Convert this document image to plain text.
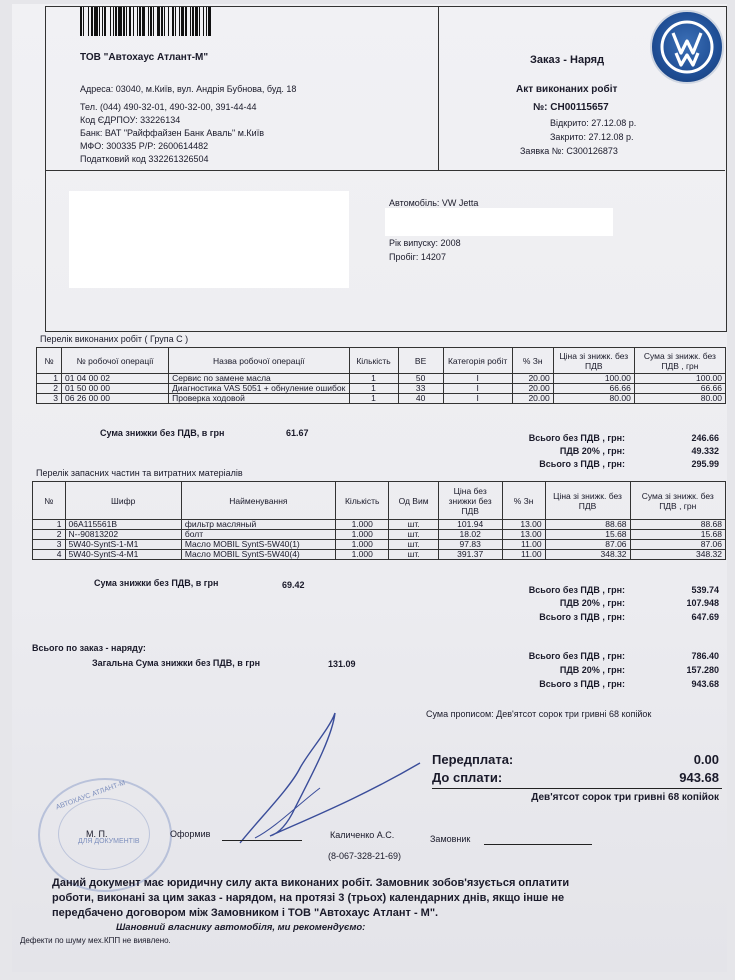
ТОВ "Автохаус Атлант-М"
Адреса: 03040, м.Київ, вул. Андрія Бубнова, буд. 18
Тел. (044) 490-32-01, 490-32-00, 391-44-44
Код ЄДРПОУ: 33226134
Банк: ВАТ "Райффайзен Банк Аваль" м.Київ
МФО: 300335 Р/Р: 2600614482
Податковий код 332261326504
Заказ - Наряд
Акт виконаних робіт
№: СН00115657
Відкрито: 27.12.08 р.
Закрито: 27.12.08 р.
Заявка №: С300126873
Автомобіль: VW Jetta
Рік випуску: 2008
Пробіг: 14207
Перелік виконаних робіт ( Група С )
№	№ робочої операції	Назва робочої операції	Кількість	ВЕ	Категорія робіт	% Зн	Ціна зі знижк. без ПДВ	Сума зі знижк. без ПДВ , грн
1	01 04 00 02	Сервис по замене масла	1	50	I	20.00	100.00	100.00
2	01 50 00 00	Диагностика VAS 5051 + обнуление ошибок	1	33	I	20.00	66.66	66.66
3	06 26 00 00	Проверка ходовой	1	40	I	20.00	80.00	80.00
Сума знижки без ПДВ, в грн	61.67	Всього без ПДВ , грн:	246.66
ПДВ 20% , грн:	49.332
Всього з ПДВ , грн:	295.99
Перелік запасних частин та витратних матеріалів
№	Шифр	Найменування	Кількість	Од Вим	Ціна без знижки без ПДВ	% Зн	Ціна зі знижк. без ПДВ	Сума зі знижк. без ПДВ , грн
1	06A115561B	фильтр масляный	1.000	шт.	101.94	13.00	88.68	88.68
2	N--90813202	болт	1.000	шт.	18.02	13.00	15.68	15.68
3	5W40-SyntS-1-M1	Масло MOBIL SyntS-5W40(1)	1.000	шт.	97.83	11.00	87.06	87.06
4	5W40-SyntS-4-M1	Масло MOBIL SyntS-5W40(4)	1.000	шт.	391.37	11.00	348.32	348.32
Сума знижки без ПДВ, в грн	69.42	Всього без ПДВ , грн:	539.74
ПДВ 20% , грн:	107.948
Всього з ПДВ , грн:	647.69
Всього по заказ - наряду:
Загальна Сума знижки без ПДВ, в грн	131.09
Всього без ПДВ , грн:	786.40
ПДВ 20% , грн:	157.280
Всього з ПДВ , грн:	943.68
Сума прописом: Дев'ятсот сорок три гривні 68 копійок
Передплата:	0.00
До сплати:	943.68
Дев'ятсот сорок три гривні 68 копійок
АВТОХАУС АТЛАНТ-М
ДЛЯ ДОКУМЕНТІВ
М. П.	Оформив	Каличенко А.С.
(8-067-328-21-69)
Замовник
Даний документ має юридичну силу акта виконаних робіт. Замовник зобов'язується оплатити
роботи, виконані за цим заказ - нарядом, на протязі 3 (трьох) календарних днів, якщо інше не
передбачено договором між Замовником і ТОВ "Автохаус Атлант - М".
Шановний власнику автомобіля, ми рекомендуємо:
Дефекти по шуму мех.КПП не виявлено.
